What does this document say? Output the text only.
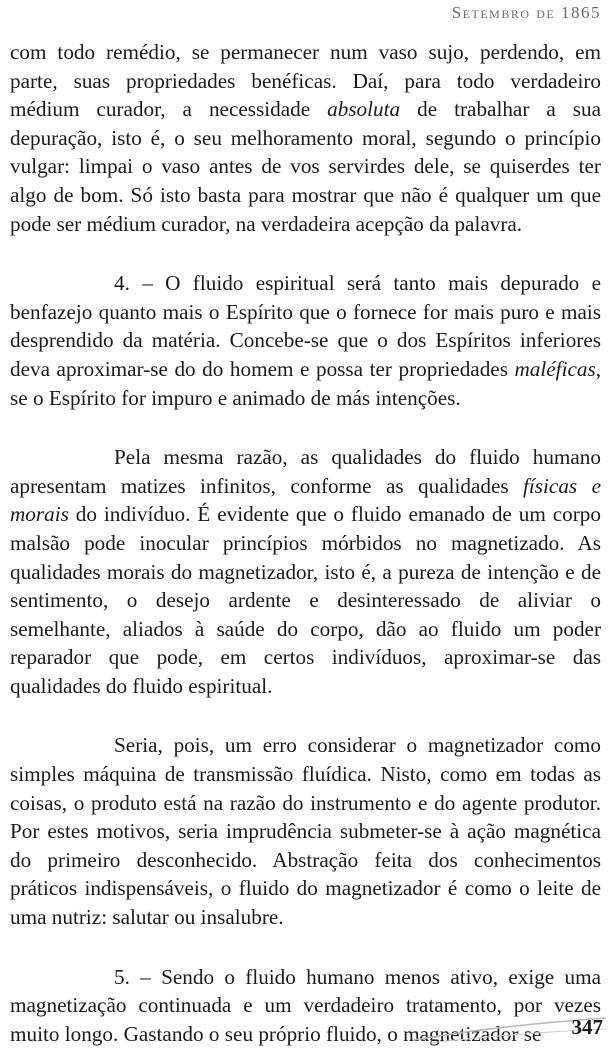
Setembro de 1865

com todo remédio, se permanecer num vaso sujo, perdendo, em parte, suas propriedades benéficas. Daí, para todo verdadeiro médium curador, a necessidade absoluta de trabalhar a sua depuração, isto é, o seu melhoramento moral, segundo o princípio vulgar: limpai o vaso antes de vos servirdes dele, se quiserdes ter algo de bom. Só isto basta para mostrar que não é qualquer um que pode ser médium curador, na verdadeira acepção da palavra.

4. – O fluido espiritual será tanto mais depurado e benfazejo quanto mais o Espírito que o fornece for mais puro e mais desprendido da matéria. Concebe-se que o dos Espíritos inferiores deva aproximar-se do do homem e possa ter propriedades maléficas, se o Espírito for impuro e animado de más intenções.

Pela mesma razão, as qualidades do fluido humano apresentam matizes infinitos, conforme as qualidades físicas e morais do indivíduo. É evidente que o fluido emanado de um corpo malsão pode inocular princípios mórbidos no magnetizado. As qualidades morais do magnetizador, isto é, a pureza de intenção e de sentimento, o desejo ardente e desinteressado de aliviar o semelhante, aliados à saúde do corpo, dão ao fluido um poder reparador que pode, em certos indivíduos, aproximar-se das qualidades do fluido espiritual.

Seria, pois, um erro considerar o magnetizador como simples máquina de transmissão fluídica. Nisto, como em todas as coisas, o produto está na razão do instrumento e do agente produtor. Por estes motivos, seria imprudência submeter-se à ação magnética do primeiro desconhecido. Abstração feita dos conhecimentos práticos indispensáveis, o fluido do magnetizador é como o leite de uma nutriz: salutar ou insalubre.

5. – Sendo o fluido humano menos ativo, exige uma magnetização continuada e um verdadeiro tratamento, por vezes muito longo. Gastando o seu próprio fluido, o magnetizador se	347
